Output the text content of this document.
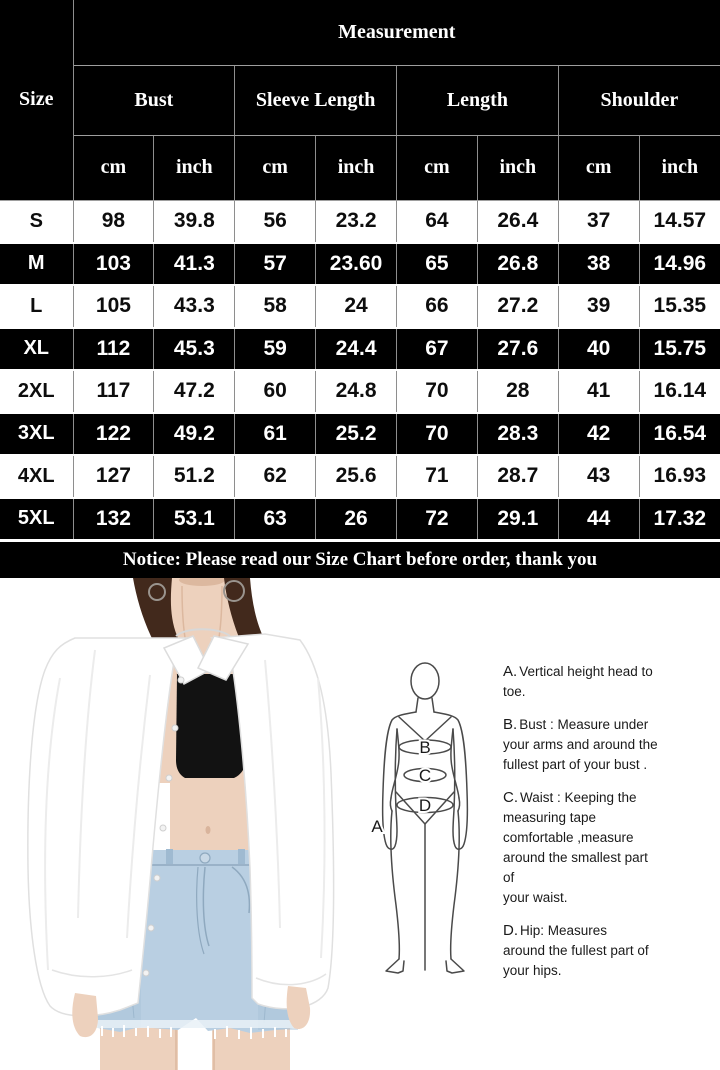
Size	Measurement							
	Bust		Sleeve Length		Length		Shoulder	
	cm	inch	cm	inch	cm	inch	cm	inch
S	98	39.8	56	23.2	64	26.4	37	14.57
M	103	41.3	57	23.60	65	26.8	38	14.96
L	105	43.3	58	24	66	27.2	39	15.35
XL	112	45.3	59	24.4	67	27.6	40	15.75
2XL	117	47.2	60	24.8	70	28	41	16.14
3XL	122	49.2	61	25.2	70	28.3	42	16.54
4XL	127	51.2	62	25.6	71	28.7	43	16.93
5XL	132	53.1	63	26	72	29.1	44	17.32
Notice: Please read our Size Chart before order, thank you
A
B
C
D

A. Vertical height head to
toe.

B. Bust : Measure under
your arms and around the
fullest part of your bust .

C. Waist : Keeping the
measuring tape
comfortable ,measure
around the smallest part of
your waist.

D. Hip: Measures
around the fullest part of
your hips.
